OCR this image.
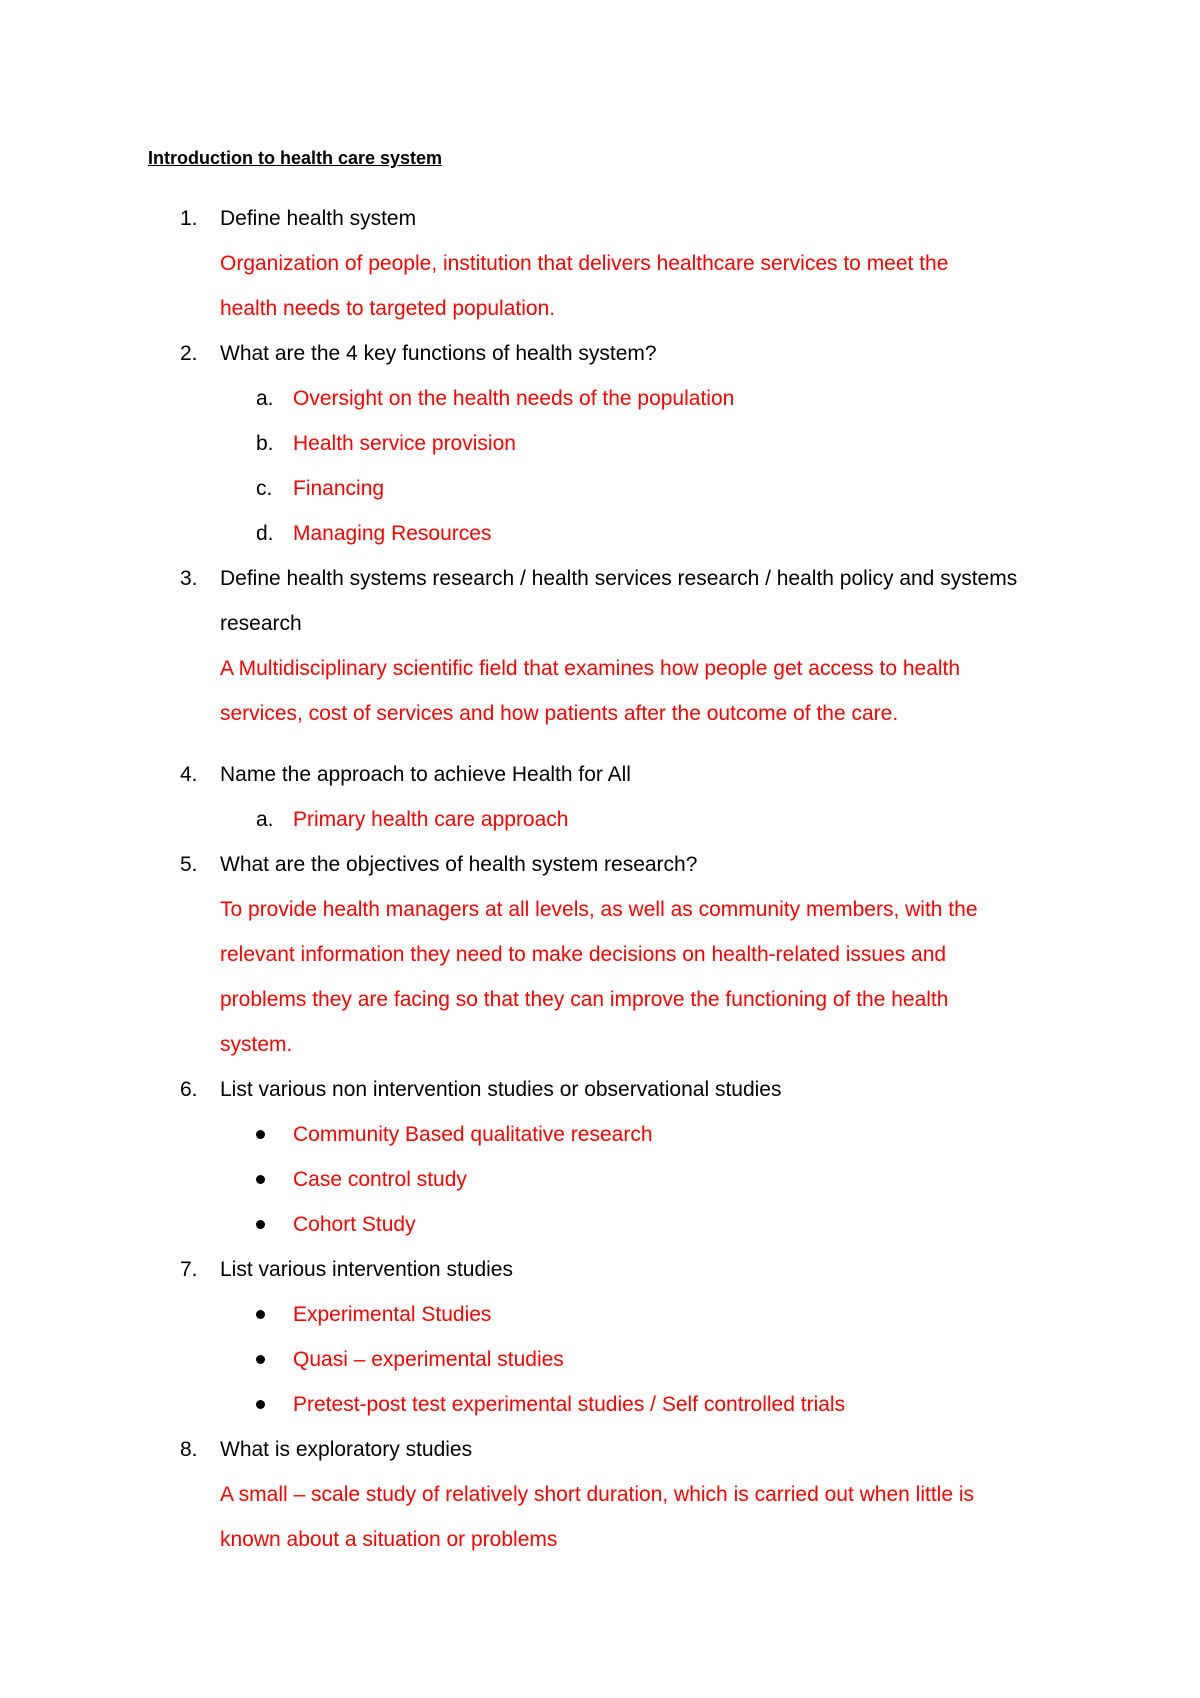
Introduction to health care system
1. Define health system
Organization of people, institution that delivers healthcare services to meet the
health needs to targeted population.
2. What are the 4 key functions of health system?
a. Oversight on the health needs of the population
b. Health service provision
c. Financing
d. Managing Resources
3. Define health systems research / health services research / health policy and systems
research
A Multidisciplinary scientific field that examines how people get access to health
services, cost of services and how patients after the outcome of the care.
4. Name the approach to achieve Health for All
a. Primary health care approach
5. What are the objectives of health system research?
To provide health managers at all levels, as well as community members, with the
relevant information they need to make decisions on health-related issues and
problems they are facing so that they can improve the functioning of the health
system.
6. List various non intervention studies or observational studies
Community Based qualitative research
Case control study
Cohort Study
7. List various intervention studies
Experimental Studies
Quasi – experimental studies
Pretest-post test experimental studies / Self controlled trials
8. What is exploratory studies
A small – scale study of relatively short duration, which is carried out when little is
known about a situation or problems
